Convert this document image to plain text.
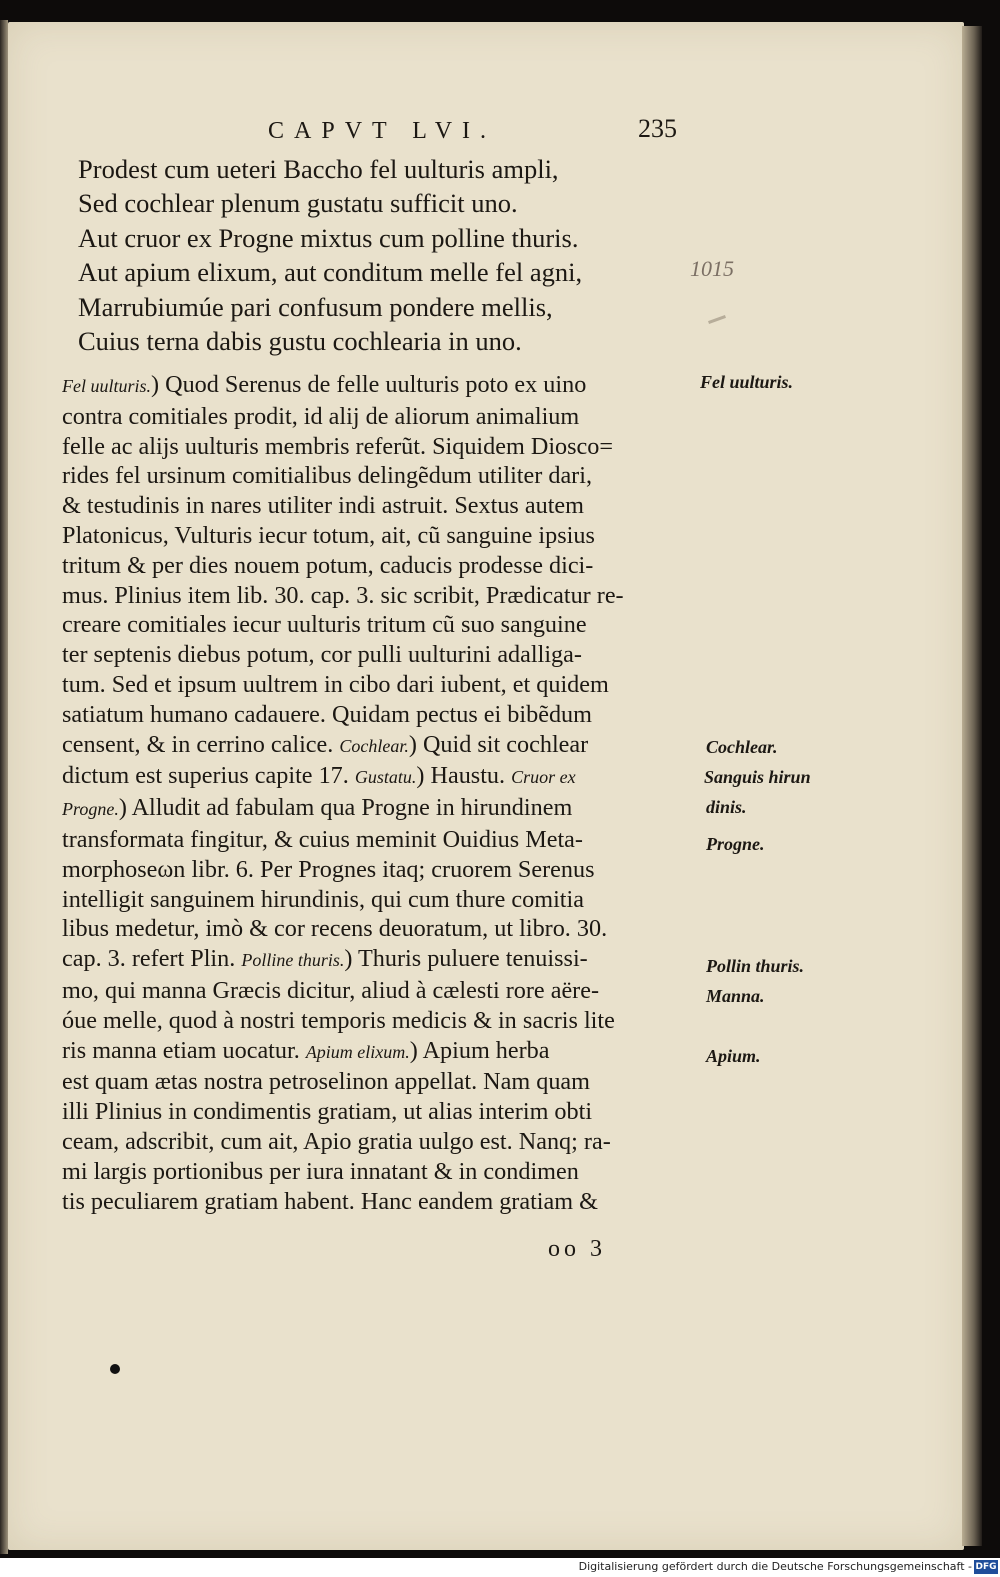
CAPVT LVI.	235
Prodest cum ueteri Baccho fel uulturis ampli,
Sed cochlear plenum gustatu sufficit uno.
Aut cruor ex Progne mixtus cum polline thuris.
Aut apium elixum, aut conditum melle fel agni,
Marrubiumúe pari confusum pondere mellis,
Cuius terna dabis gustu cochlearia in uno.
1015
Fel uulturis.) Quod Serenus de felle uulturis poto ex uino
contra comitiales prodit, id alij de aliorum animalium
felle ac alijs uulturis membris referũt. Siquidem Diosco=
rides fel ursinum comitialibus delingẽdum utiliter dari,
& testudinis in nares utiliter indi astruit. Sextus autem
Platonicus, Vulturis iecur totum, ait, cũ sanguine ipsius
tritum & per dies nouem potum, caducis prodesse dici-
mus. Plinius item lib. 30. cap. 3. sic scribit, Prædicatur re-
creare comitiales iecur uulturis tritum cũ suo sanguine
ter septenis diebus potum, cor pulli uulturini adalliga-
tum. Sed et ipsum uultrem in cibo dari iubent, et quidem
satiatum humano cadauere. Quidam pectus ei bibẽdum
censent, & in cerrino calice. Cochlear.) Quid sit cochlear
dictum est superius capite 17. Gustatu.) Haustu. Cruor ex
Progne.) Alludit ad fabulam qua Progne in hirundinem
transformata fingitur, & cuius meminit Ouidius Meta-
morphoseωn libr. 6. Per Prognes itaq; cruorem Serenus
intelligit sanguinem hirundinis, qui cum thure comitia
libus medetur, imò & cor recens deuoratum, ut libro. 30.
cap. 3. refert Plin. Polline thuris.) Thuris puluere tenuissi-
mo, qui manna Græcis dicitur, aliud à cælesti rore aëre-
óue melle, quod à nostri temporis medicis & in sacris lite
ris manna etiam uocatur. Apium elixum.) Apium herba
est quam ætas nostra petroselinon appellat. Nam quam
illi Plinius in condimentis gratiam, ut alias interim obti
ceam, adscribit, cum ait, Apio gratia uulgo est. Nanq; ra-
mi largis portionibus per iura innatant & in condimen
tis peculiarem gratiam habent. Hanc eandem gratiam &
Fel uulturis.
Cochlear.
Sanguis hirun
dinis.
Progne.
Pollin thuris.
Manna.
Apium.
oo 3
Digitalisierung gefördert durch die Deutsche Forschungsgemeinschaft - DFG
